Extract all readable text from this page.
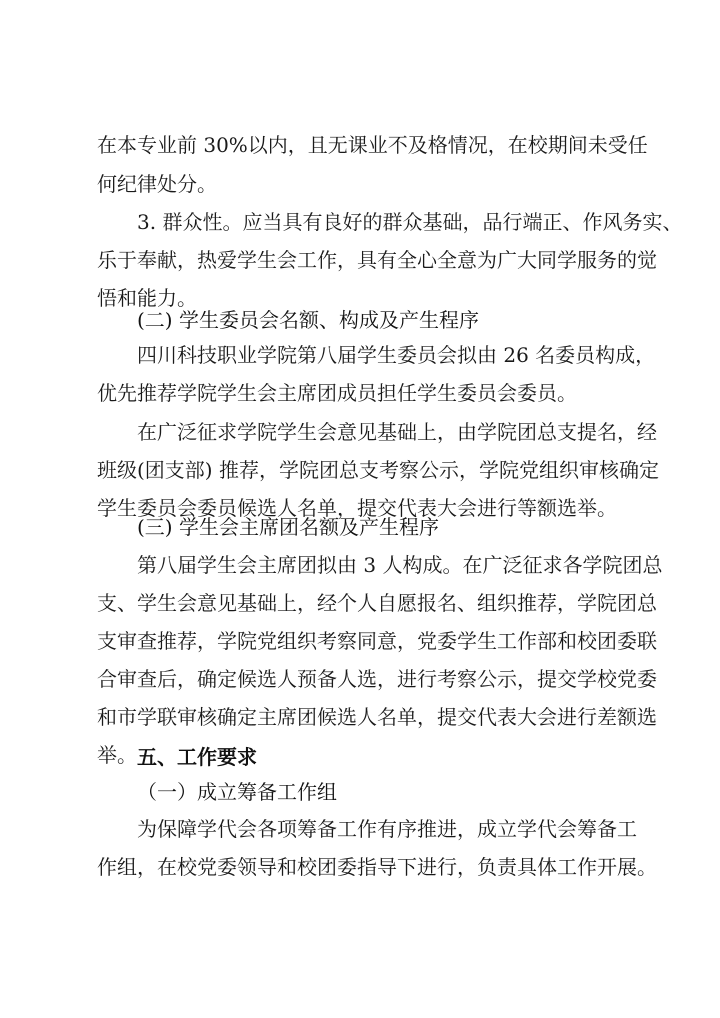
在本专业前 30%以内，且无课业不及格情况，在校期间未受任
何纪律处分。
3. 群众性。应当具有良好的群众基础，品行端正、作风务实、
乐于奉献，热爱学生会工作，具有全心全意为广大同学服务的觉
悟和能力。
(二) 学生委员会名额、构成及产生程序
四川科技职业学院第八届学生委员会拟由 26 名委员构成，
优先推荐学院学生会主席团成员担任学生委员会委员。
在广泛征求学院学生会意见基础上，由学院团总支提名，经
班级(团支部) 推荐，学院团总支考察公示，学院党组织审核确定
学生委员会委员候选人名单，提交代表大会进行等额选举。
(三) 学生会主席团名额及产生程序
第八届学生会主席团拟由 3 人构成。在广泛征求各学院团总
支、学生会意见基础上，经个人自愿报名、组织推荐，学院团总
支审查推荐，学院党组织考察同意，党委学生工作部和校团委联
合审查后，确定候选人预备人选，进行考察公示，提交学校党委
和市学联审核确定主席团候选人名单，提交代表大会进行差额选
举。 五、工作要求
（一）成立筹备工作组
为保障学代会各项筹备工作有序推进，成立学代会筹备工
作组，在校党委领导和校团委指导下进行，负责具体工作开展。
